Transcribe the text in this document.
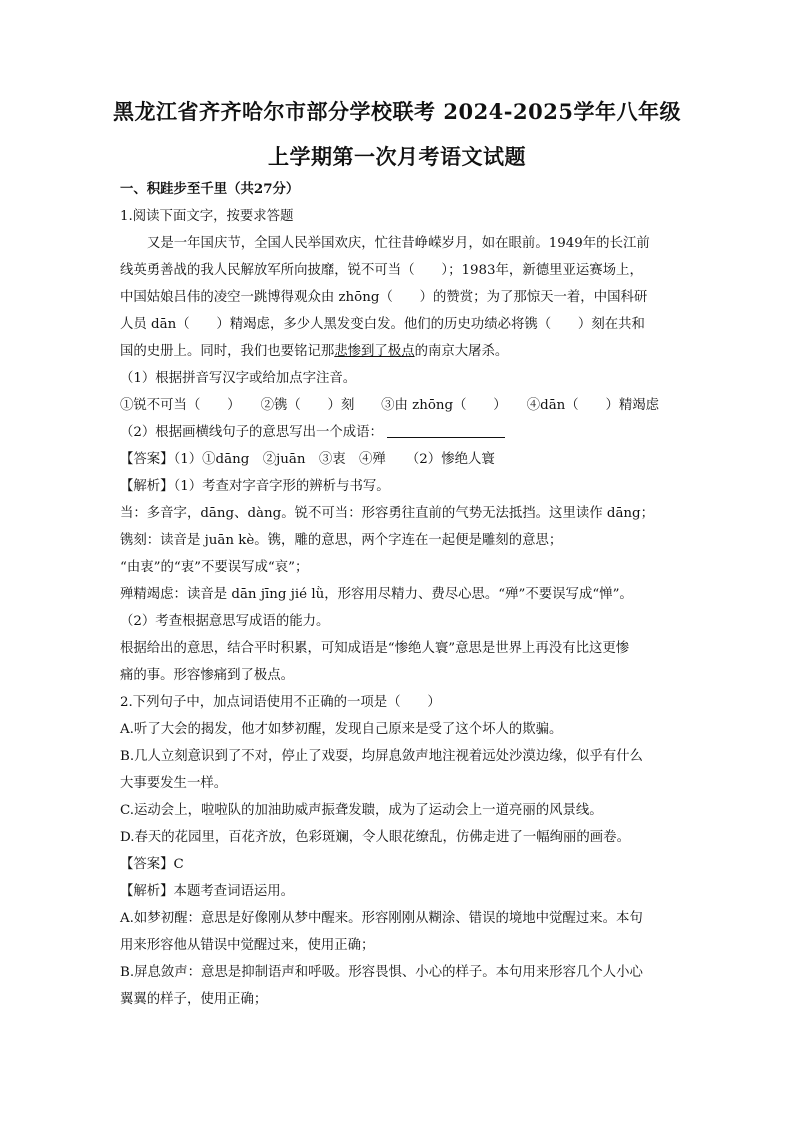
黑龙江省齐齐哈尔市部分学校联考 2024-2025学年八年级
上学期第一次月考语文试题
一、积跬步至千里（共27分）
1.阅读下面文字，按要求答题
又是一年国庆节，全国人民举国欢庆，忙往昔峥嵘岁月，如在眼前。1949年的长江前
线英勇善战的我人民解放军所向披靡，锐不可当（　　）；1983年，新德里亚运赛场上，
中国姑娘吕伟的凌空一跳博得观众由 zhōng（　　）的赞赏；为了那惊天一着，中国科研
人员 dān（　　）精竭虑，多少人黑发变白发。他们的历史功绩必将镌（　　）刻在共和
国的史册上。同时，我们也要铭记那悲惨到了极点的南京大屠杀。
（1）根据拼音写汉字或给加点字注音。
①锐不可当（　　）　　②镌（　　）刻　　③由 zhōng（　　）　　④dān（　　）精竭虑
（2）根据画横线句子的意思写出一个成语：
【答案】（1）①dāng　②juān　③衷　④殚　　（2）惨绝人寰
【解析】（1）考查对字音字形的辨析与书写。
当：多音字，dāng、dàng。锐不可当：形容勇往直前的气势无法抵挡。这里读作 dāng；
镌刻：读音是 juān kè。镌，雕的意思，两个字连在一起便是雕刻的意思；
“由衷”的“衷”不要误写成“哀”；
殚精竭虑：读音是 dān jīng jié lǜ，形容用尽精力、费尽心思。“殚”不要误写成“惮”。
（2）考查根据意思写成语的能力。
根据给出的意思，结合平时积累，可知成语是“惨绝人寰”意思是世界上再没有比这更惨
痛的事。形容惨痛到了极点。
2.下列句子中，加点词语使用不正确的一项是（　　）
A.听了大会的揭发，他才如梦初醒，发现自己原来是受了这个坏人的欺骗。
B.几人立刻意识到了不对，停止了戏耍，均屏息敛声地注视着远处沙漠边缘，似乎有什么
大事要发生一样。
C.运动会上，啦啦队的加油助威声振聋发聩，成为了运动会上一道亮丽的风景线。
D.春天的花园里，百花齐放，色彩斑斓，令人眼花缭乱，仿佛走进了一幅绚丽的画卷。
【答案】C
【解析】本题考查词语运用。
A.如梦初醒：意思是好像刚从梦中醒来。形容刚刚从糊涂、错误的境地中觉醒过来。本句
用来形容他从错误中觉醒过来，使用正确；
B.屏息敛声：意思是抑制语声和呼吸。形容畏惧、小心的样子。本句用来形容几个人小心
翼翼的样子，使用正确；
